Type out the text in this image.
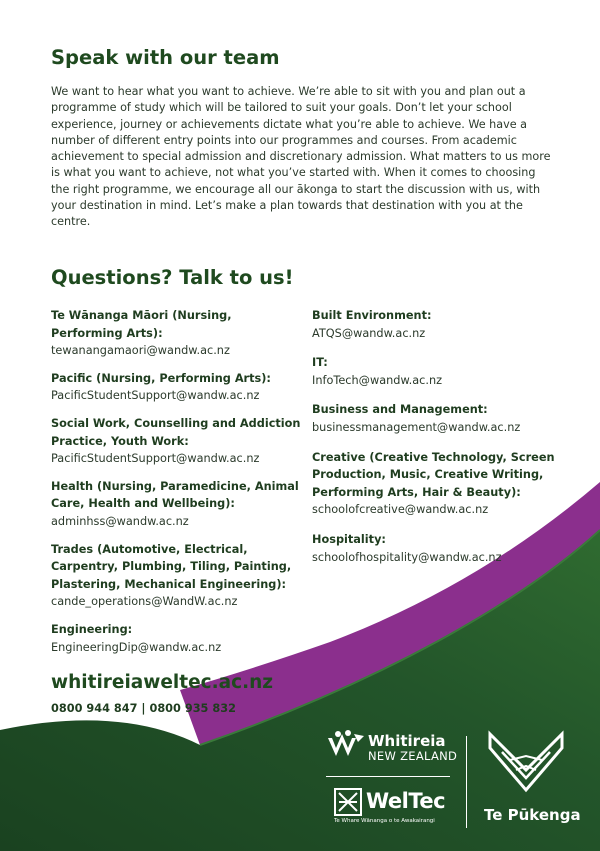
Speak with our team

We want to hear what you want to achieve. We’re able to sit with you and plan out a programme of study which will be tailored to suit your goals. Don’t let your school experience, journey or achievements dictate what you’re able to achieve. We have a number of different entry points into our programmes and courses. From academic achievement to special admission and discretionary admission. What matters to us more is what you want to achieve, not what you’ve started with. When it comes to choosing the right programme, we encourage all our ākonga to start the discussion with us, with your destination in mind. Let’s make a plan towards that destination with you at the centre.

Questions? Talk to us!
Te Wānanga Māori (Nursing, Performing Arts):
tewanangamaori@wandw.ac.nz
Pacific (Nursing, Performing Arts):
PacificStudentSupport@wandw.ac.nz
Social Work, Counselling and Addiction Practice, Youth Work:
PacificStudentSupport@wandw.ac.nz
Health (Nursing, Paramedicine, Animal Care, Health and Wellbeing):
adminhss@wandw.ac.nz
Trades (Automotive, Electrical, Carpentry, Plumbing, Tiling, Painting, Plastering, Mechanical Engineering):
cande_operations@WandW.ac.nz
Engineering:
EngineeringDip@wandw.ac.nz
Built Environment:
ATQS@wandw.ac.nz
IT:
InfoTech@wandw.ac.nz
Business and Management:
businessmanagement@wandw.ac.nz
Creative (Creative Technology, Screen Production, Music, Creative Writing, Performing Arts, Hair & Beauty):
schoolofcreative@wandw.ac.nz
Hospitality:
schoolofhospitality@wandw.ac.nz
whitireiaweltec.ac.nz
0800 944 847 | 0800 935 832
Whitireia
NEW ZEALAND
WelTec
Te Whare Wānanga o te Awakairangi	Te Pūkenga
